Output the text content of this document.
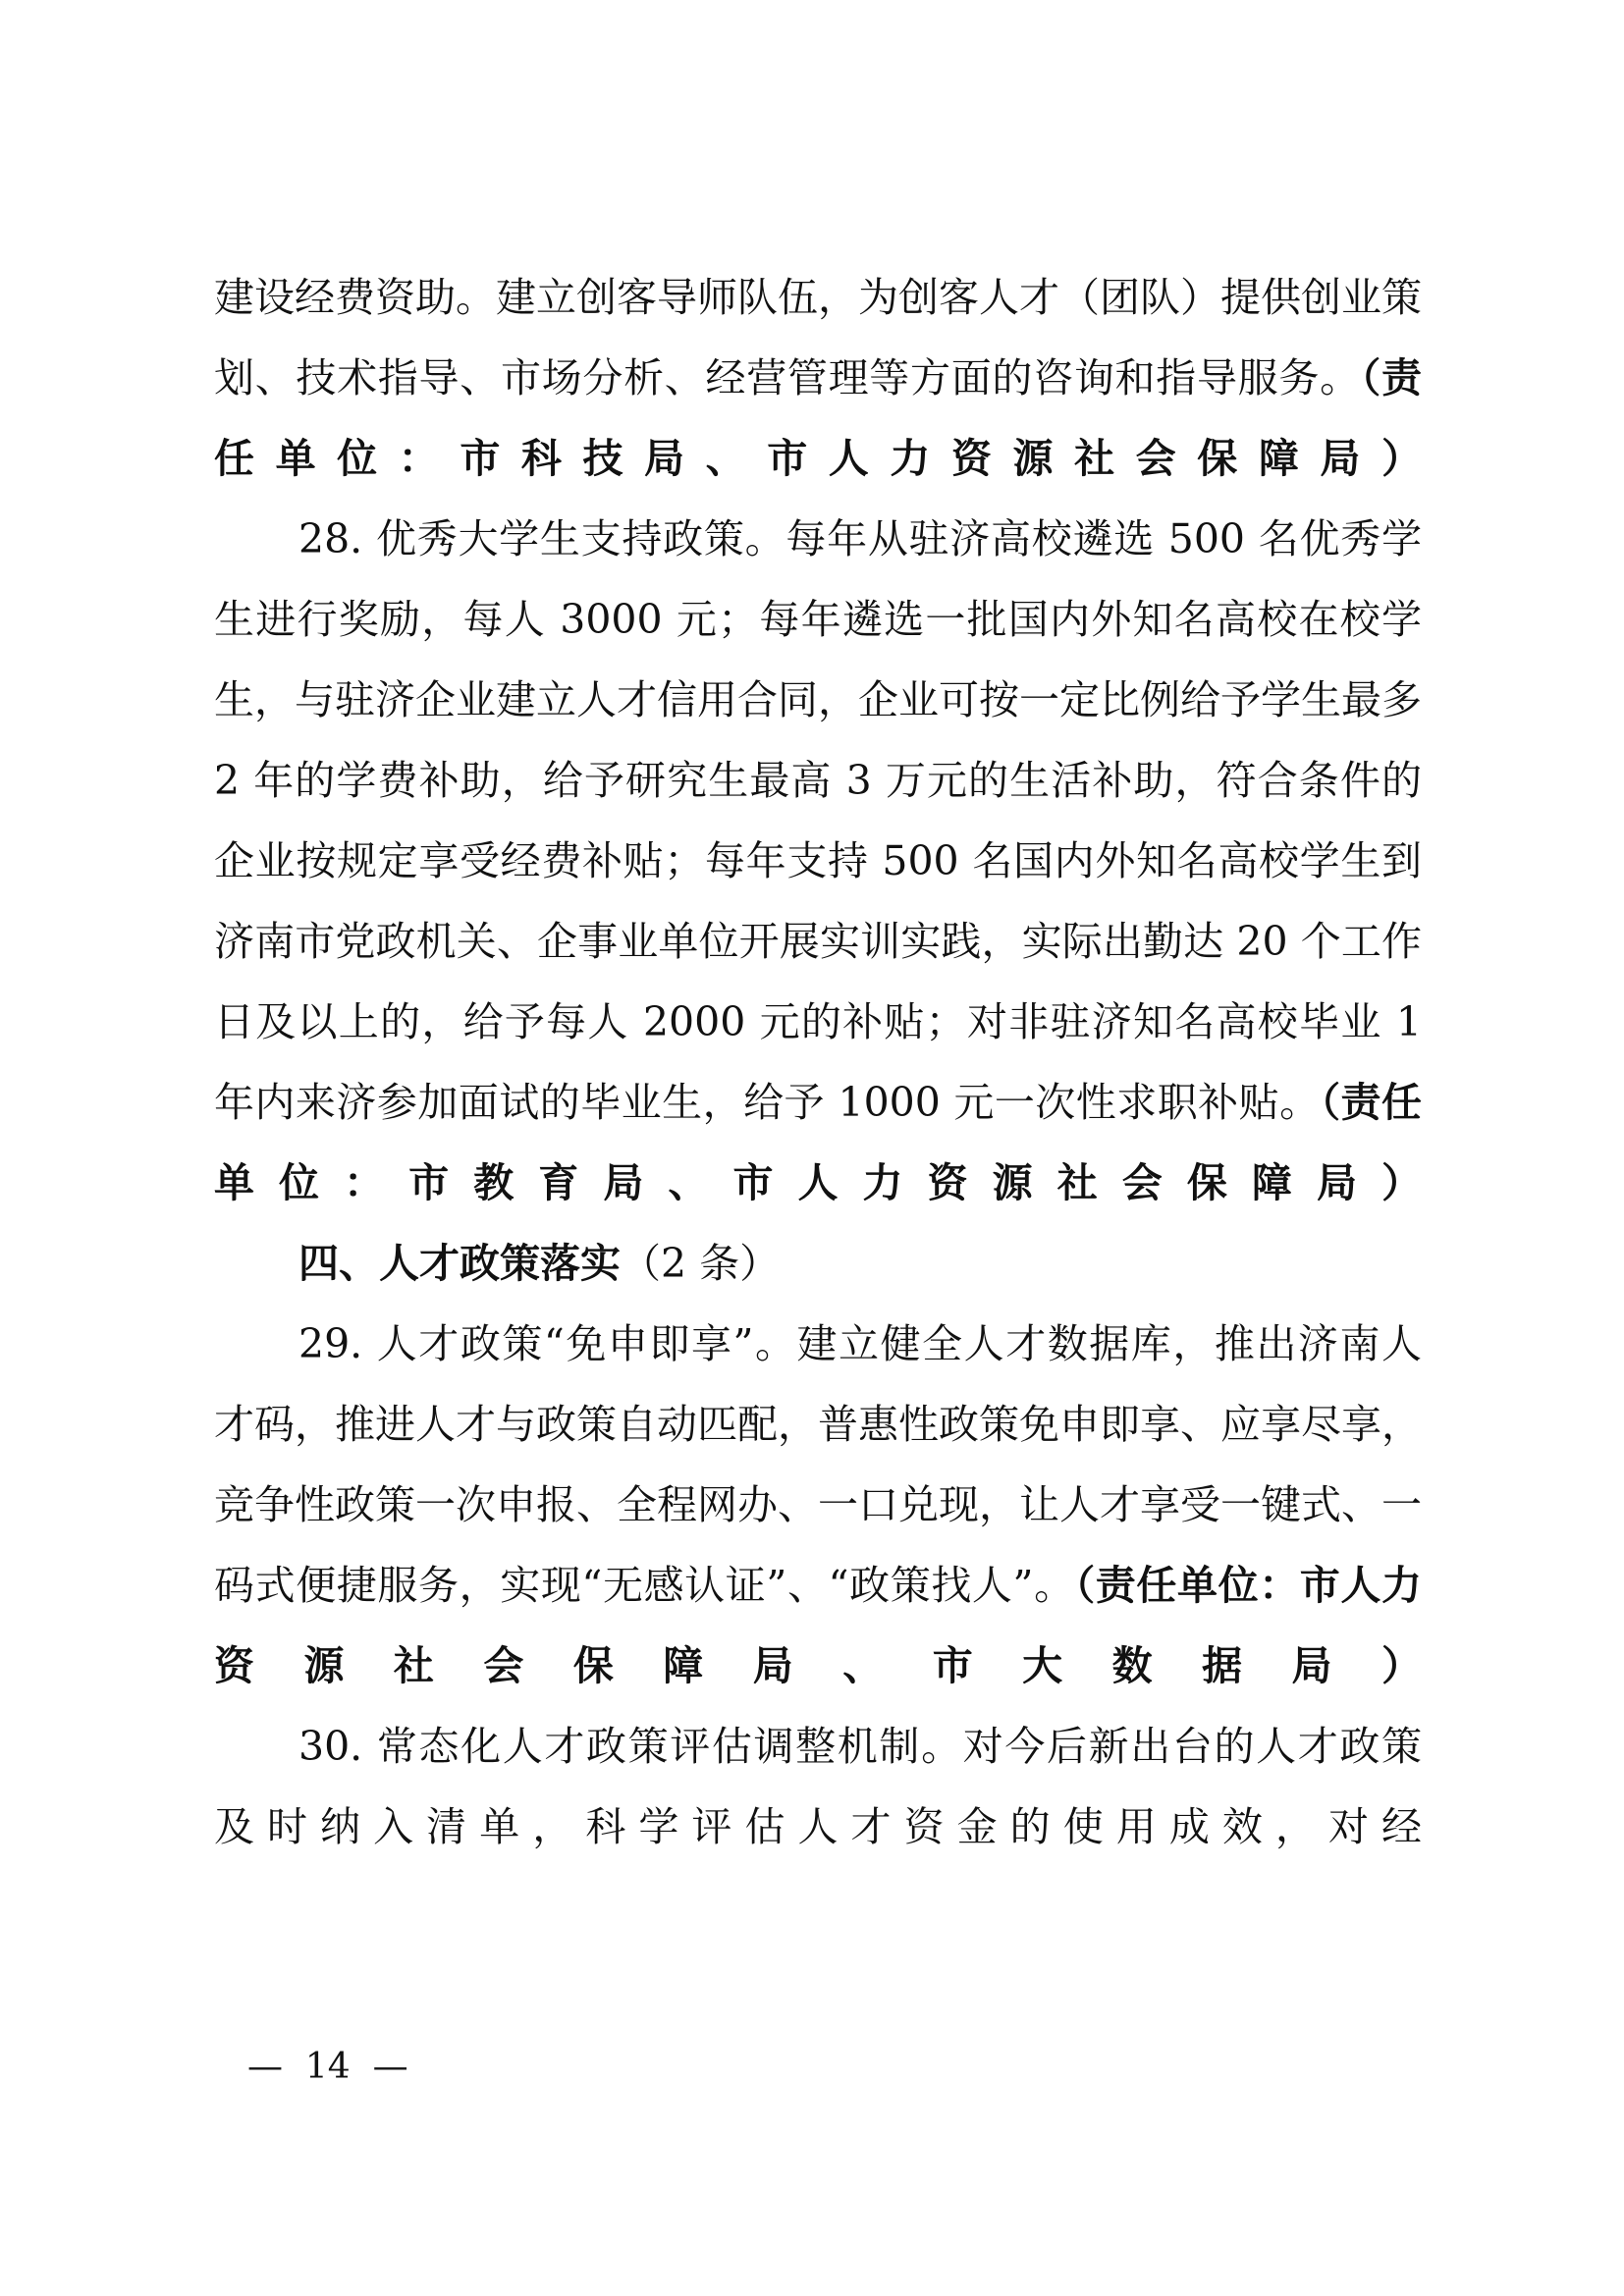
建设经费资助。建立创客导师队伍，为创客人才（团队）提供创业策划、技术指导、市场分析、经营管理等方面的咨询和指导服务。（责任单位：市科技局、市人力资源社会保障局）

28. 优秀大学生支持政策。每年从驻济高校遴选 500 名优秀学生进行奖励，每人 3000 元；每年遴选一批国内外知名高校在校学生，与驻济企业建立人才信用合同，企业可按一定比例给予学生最多 2 年的学费补助，给予研究生最高 3 万元的生活补助，符合条件的企业按规定享受经费补贴；每年支持 500 名国内外知名高校学生到济南市党政机关、企事业单位开展实训实践，实际出勤达 20 个工作日及以上的，给予每人 2000 元的补贴；对非驻济知名高校毕业 1 年内来济参加面试的毕业生，给予 1000 元一次性求职补贴。（责任单位：市教育局、市人力资源社会保障局）

四、人才政策落实（2 条）

29. 人才政策“免申即享”。建立健全人才数据库，推出济南人才码，推进人才与政策自动匹配，普惠性政策免申即享、应享尽享，竞争性政策一次申报、全程网办、一口兑现，让人才享受一键式、一码式便捷服务，实现“无感认证”、“政策找人”。（责任单位：市人力资源社会保障局、市大数据局）

30. 常态化人才政策评估调整机制。对今后新出台的人才政策及时纳入清单，科学评估人才资金的使用成效，对经

—  14  —
